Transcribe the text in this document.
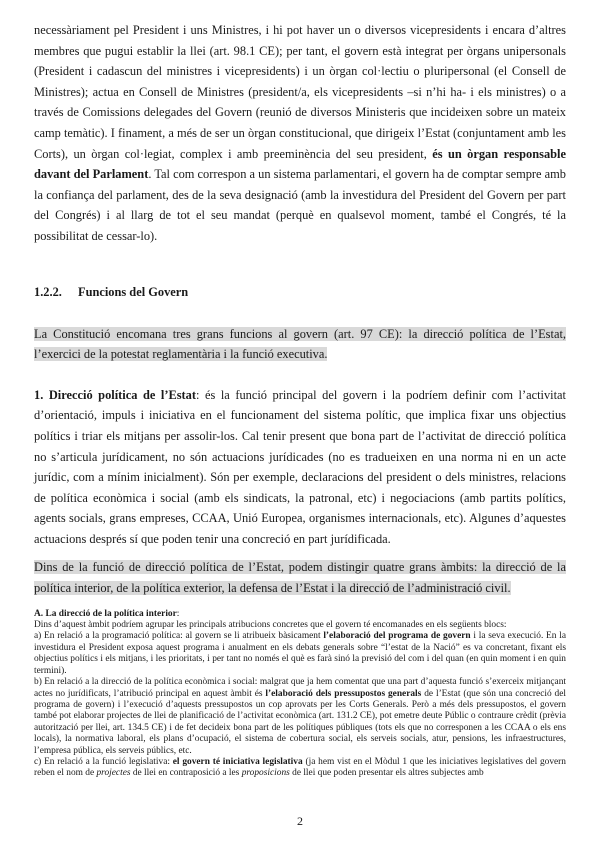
necessàriament pel President i uns Ministres, i hi pot haver un o diversos vicepresidents i encara d’altres membres que pugui establir la llei (art. 98.1 CE); per tant, el govern està integrat per òrgans unipersonals (President i cadascun del ministres i vicepresidents) i un òrgan col·lectiu o pluripersonal (el Consell de Ministres); actua en Consell de Ministres (president/a, els vicepresidents –si n’hi ha- i els ministres) o a través de Comissions delegades del Govern (reunió de diversos Ministeris que incideixen sobre un mateix camp temàtic). I finament, a més de ser un òrgan constitucional, que dirigeix l’Estat (conjuntament amb les Corts), un òrgan col·legiat, complex i amb preeminència del seu president, és un òrgan responsable davant del Parlament. Tal com correspon a un sistema parlamentari, el govern ha de comptar sempre amb la confiança del parlament, des de la seva designació (amb la investidura del President del Govern per part del Congrés) i al llarg de tot el seu mandat (perquè en qualsevol moment, també el Congrés, té la possibilitat de cessar-lo).

1.2.2. Funcions del Govern

La Constitució encomana tres grans funcions al govern (art. 97 CE): la direcció política de l’Estat, l’exercici de la potestat reglamentària i la funció executiva.

1. Direcció política de l’Estat: és la funció principal del govern i la podríem definir com l’activitat d’orientació, impuls i iniciativa en el funcionament del sistema polític, que implica fixar uns objectius polítics i triar els mitjans per assolir-los. Cal tenir present que bona part de l’activitat de direcció política no s’articula jurídicament, no són actuacions jurídicades (no es tradueixen en una norma ni en un acte jurídic, com a mínim inicialment). Són per exemple, declaracions del president o dels ministres, relacions de política econòmica i social (amb els sindicats, la patronal, etc) i negociacions (amb partits polítics, agents socials, grans empreses, CCAA, Unió Europea, organismes internacionals, etc). Algunes d’aquestes actuacions després sí que poden tenir una concreció en part jurídificada.

Dins de la funció de direcció política de l’Estat, podem distingir quatre grans àmbits: la direcció de la política interior, de la política exterior, la defensa de l’Estat i la direcció de l’administració civil.

A. La direcció de la política interior:

Dins d’aquest àmbit podríem agrupar les principals atribucions concretes que el govern té encomanades en els següents blocs:

a) En relació a la programació política: al govern se li atribueix bàsicament l’elaboració del programa de govern i la seva execució. En la investidura el President exposa aquest programa i anualment en els debats generals sobre “l’estat de la Nació” es va concretant, fixant els objectius polítics i els mitjans, i les prioritats, i per tant no només el què es farà sinó la previsió del com i del quan (en quin moment i en quin termini).

b) En relació a la direcció de la política econòmica i social: malgrat que ja hem comentat que una part d’aquesta funció s’exerceix mitjançant actes no jurídificats, l’atribució principal en aquest àmbit és l’elaboració dels pressupostos generals de l’Estat (que són una concreció del programa de govern) i l’execució d’aquests pressupostos un cop aprovats per les Corts Generals. Però a més dels pressupostos, el govern també pot elaborar projectes de llei de planificació de l’activitat econòmica (art. 131.2 CE), pot emetre deute Públic o contraure crèdit (prèvia autorització per llei, art. 134.5 CE) i de fet decideix bona part de les polítiques públiques (tots els que no corresponen a les CCAA o els ens locals), la normativa laboral, els plans d’ocupació, el sistema de cobertura social, els serveis socials, atur, pensions, les infraestructures, l’empresa pública, els serveis públics, etc.

c) En relació a la funció legislativa: el govern té iniciativa legislativa (ja hem vist en el Mòdul 1 que les iniciatives legislatives del govern reben el nom de projectes de llei en contraposició a les proposicions de llei que poden presentar els altres subjectes amb

2
